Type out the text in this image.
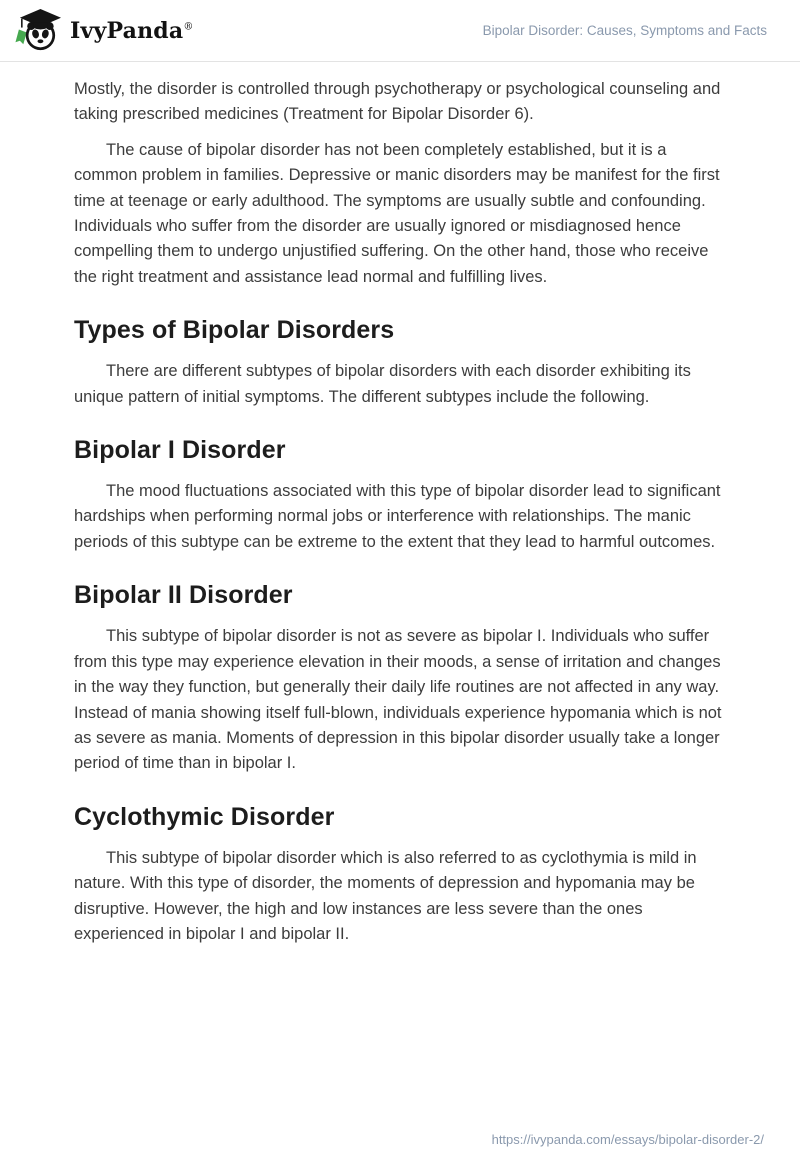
IvyPanda®	Bipolar Disorder: Causes, Symptoms and Facts

Mostly, the disorder is controlled through psychotherapy or psychological counseling and taking prescribed medicines (Treatment for Bipolar Disorder 6).

The cause of bipolar disorder has not been completely established, but it is a common problem in families. Depressive or manic disorders may be manifest for the first time at teenage or early adulthood. The symptoms are usually subtle and confounding. Individuals who suffer from the disorder are usually ignored or misdiagnosed hence compelling them to undergo unjustified suffering. On the other hand, those who receive the right treatment and assistance lead normal and fulfilling lives.

Types of Bipolar Disorders

There are different subtypes of bipolar disorders with each disorder exhibiting its unique pattern of initial symptoms. The different subtypes include the following.

Bipolar I Disorder

The mood fluctuations associated with this type of bipolar disorder lead to significant hardships when performing normal jobs or interference with relationships. The manic periods of this subtype can be extreme to the extent that they lead to harmful outcomes.

Bipolar II Disorder

This subtype of bipolar disorder is not as severe as bipolar I. Individuals who suffer from this type may experience elevation in their moods, a sense of irritation and changes in the way they function, but generally their daily life routines are not affected in any way. Instead of mania showing itself full-blown, individuals experience hypomania which is not as severe as mania. Moments of depression in this bipolar disorder usually take a longer period of time than in bipolar I.

Cyclothymic Disorder

This subtype of bipolar disorder which is also referred to as cyclothymia is mild in nature. With this type of disorder, the moments of depression and hypomania may be disruptive. However, the high and low instances are less severe than the ones experienced in bipolar I and bipolar II.

https://ivypanda.com/essays/bipolar-disorder-2/
